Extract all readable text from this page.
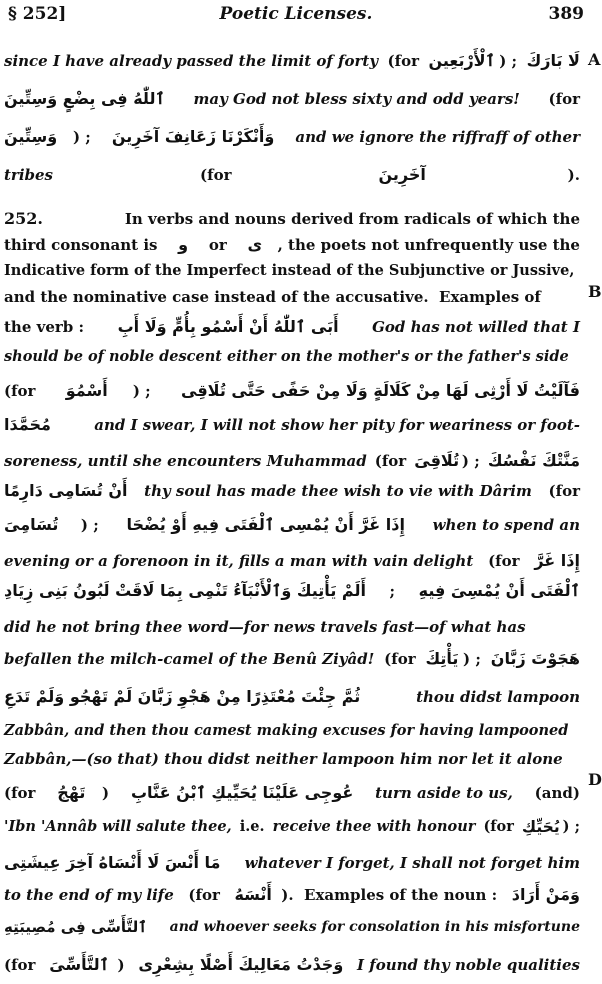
§ 252]	Poetic Licenses.	389
since I have already passed the limit of forty (for ٱلْأَرْبَعِين ) ; لَا بَارَكَ
ٱللّٰهُ فِى بِضْعٍ وَسِتِّينَ may God not bless sixty and odd years! (for
وَسِتِّينَ ) ; وَأَنْكَرْنَا زَعَانِفَ آخَرِينَ and we ignore the riffraff of other
tribes	(for	آخَرِينَ	).
252.	In verbs and nouns derived from radicals of which the
third consonant is و or ى , the poets not unfrequently use the
Indicative form of the Imperfect instead of the Subjunctive or Jussive,
and the nominative case instead of the accusative.  Examples of
the verb : أَبَى ٱللّٰهُ أَنْ أَسْمُو بِأُمٍّ وَلَا أَبِ God has not willed that I
should be of noble descent either on the mother's or the father's side
(for أَسْمُوَ ) ; فَآلَيْتُ لَا أَرْثِى لَهَا مِنْ كَلَالَةٍ وَلَا مِنْ حَفًى حَتَّى تُلَاقِى
مُحَمَّدَا	and I swear, I will not show her pity for weariness or foot-
soreness, until she encounters Muhammad (for تُلَاقِىَ ) ; مَنَّتْكَ نَفْسُكَ
أَنْ تُسَامِى دَارِمًا thy soul has made thee wish to vie with Dârim (for
تُسَامِىَ ) ; إِذَا غَرَّ أَنْ يُمْسِى ٱلْفَتَى فِيهِ أَوْ يُضْحَا when to spend an
evening or a forenoon in it, fills a man with vain delight (for إِذَا غَرَّ
أَلَمْ يَأْتِيكَ وَٱلْأَنْبَآءُ تَنْمِى بِمَا لَاقَتْ لَبُونُ بَنِى زِيَادِ ; ٱلْفَتَى أَنْ يُمْسِىَ فِيهِ
did he not bring thee word—for news travels fast—of what has
befallen the milch-camel of the Benû Ziyâd! (for يَأْتِكَ ) ; هَجَوْتَ زَبَّانَ
ثُمَّ جِئْتَ مُعْتَذِرًا مِنْ هَجْوِ زَبَّانَ لَمْ تَهْجُو وَلَمْ تَدَعِ	thou didst lampoon
Zabbân, and then thou camest making excuses for having lampooned
Zabbân,—(so that) thou didst neither lampoon him nor let it alone
(for تَهْجُ ) عُوجِى عَلَيْنَا يُحَيِّيكِ ٱبْنُ عَنَّابِ turn aside to us, (and)
'Ibn 'Annâb will salute thee, i.e. receive thee with honour (for يُحَيِّكِ ) ;
مَا أَنْسَ لَا أَنْسَاهُ آخِرَ عِيشَتِى whatever I forget, I shall not forget him
to the end of my life (for أَنْسَهُ ).  Examples of the noun : وَمَنْ أَرَادَ
ٱلتَّأَسِّى فِى مُصِيبَتِهِ and whoever seeks for consolation in his misfortune
(for ٱلتَّأَسِّىَ ) وَجَدْتُ مَعَالِيكَ أَصْلًا بِشِعْرِى I found thy noble qualities
A
B
D
